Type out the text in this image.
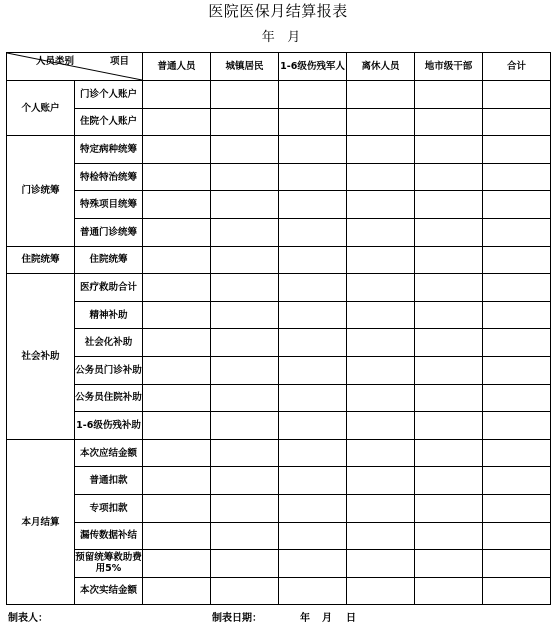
医院医保月结算报表
年   月
人员类别 项目		普通人员	城镇居民	1-6级伤残军人	离休人员	地市级干部	合计
个人账户	门诊个人账户						
	住院个人账户						
门诊统筹	特定病种统筹						
	特检特治统筹						
	特殊项目统筹						
	普通门诊统筹						
住院统筹	住院统筹						
社会补助	医疗救助合计						
	精神补助						
	社会化补助						
	公务员门诊补助						
	公务员住院补助						
	1-6级伤残补助						
本月结算	本次应结金额						
	普通扣款						
	专项扣款						
	漏传数据补结						
	预留统筹救助费用5%						
	本次实结金额						
制表人：	制表日期：	年 月 日
